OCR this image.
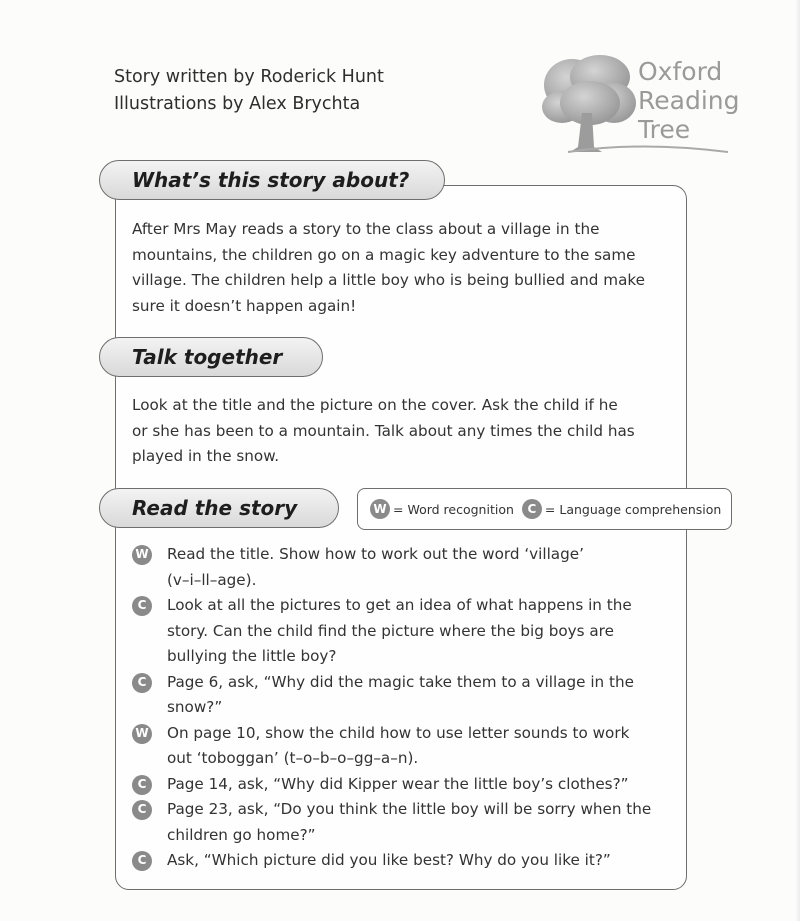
Story written by Roderick Hunt
Illustrations by Alex Brychta
Oxford
Reading
Tree
What’s this story about?
After Mrs May reads a story to the class about a village in the
mountains, the children go on a magic key adventure to the same
village. The children help a little boy who is being bullied and make
sure it doesn’t happen again!
Talk together
Look at the title and the picture on the cover. Ask the child if he
or she has been to a mountain. Talk about any times the child has
played in the snow.
Read the story	W = Word recognition	C = Language comprehension
W Read the title. Show how to work out the word ‘village’
(v–i–ll–age).
C	Look at all the pictures to get an idea of what happens in the
story. Can the child find the picture where the big boys are
bullying the little boy?
C	Page 6, ask, “Why did the magic take them to a village in the
snow?”
W On page 10, show the child how to use letter sounds to work
out ‘toboggan’ (t–o–b–o–gg–a–n).
C	Page 14, ask, “Why did Kipper wear the little boy’s clothes?”
C	Page 23, ask, “Do you think the little boy will be sorry when the
children go home?”
C	Ask, “Which picture did you like best? Why do you like it?”
